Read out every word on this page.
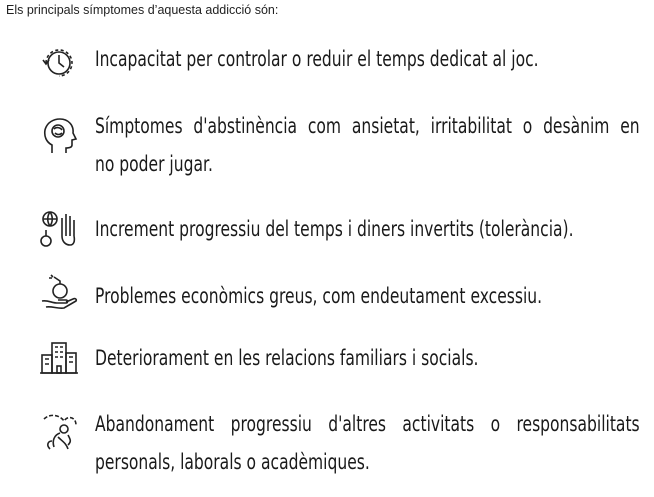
Els principals símptomes d’aquesta addicció són:
Incapacitat per controlar o reduir el temps dedicat al joc.
Símptomes d'abstinència com ansietat, irritabilitat o desànim en
no poder jugar.
Increment progressiu del temps i diners invertits (tolerància).
Problemes econòmics greus, com endeutament excessiu.
Deteriorament en les relacions familiars i socials.
Abandonament progressiu d'altres activitats o responsabilitats
personals, laborals o acadèmiques.
